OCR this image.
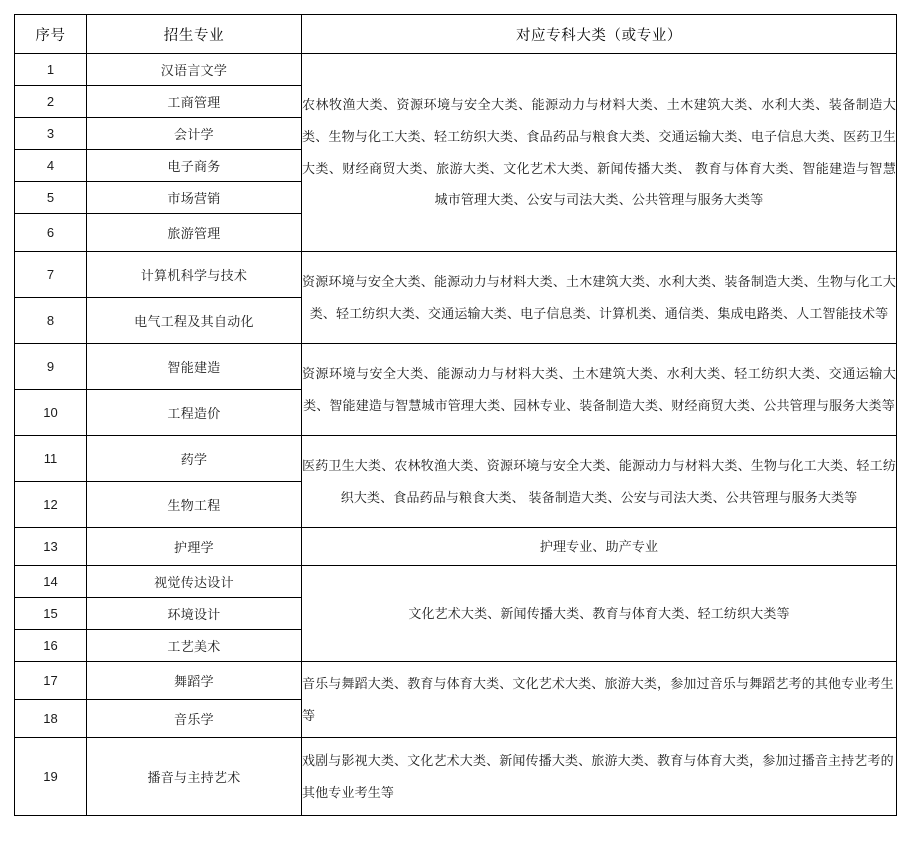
序号	招生专业	对应专科大类（或专业）
1	汉语言文学	农林牧渔大类、资源环境与安全大类、能源动力与材料大类、土木建筑大类、水利大类、装备制造大类、生物与化工大类、轻工纺织大类、食品药品与粮食大类、交通运输大类、电子信息大类、医药卫生大类、财经商贸大类、旅游大类、文化艺术大类、新闻传播大类、 教育与体育大类、智能建造与智慧城市管理大类、公安与司法大类、公共管理与服务大类等

2	工商管理	
3	会计学	
4	电子商务	
5	市场营销	
6	旅游管理	
7	计算机科学与技术	资源环境与安全大类、能源动力与材料大类、土木建筑大类、水利大类、装备制造大类、生物与化工大类、轻工纺织大类、交通运输大类、电子信息类、计算机类、通信类、集成电路类、人工智能技术等

8	电气工程及其自动化	
9	智能建造	资源环境与安全大类、能源动力与材料大类、土木建筑大类、水利大类、轻工纺织大类、交通运输大类、智能建造与智慧城市管理大类、园林专业、装备制造大类、财经商贸大类、公共管理与服务大类等

10	工程造价	
11	药学	医药卫生大类、农林牧渔大类、资源环境与安全大类、能源动力与材料大类、生物与化工大类、轻工纺织大类、食品药品与粮食大类、 装备制造大类、公安与司法大类、公共管理与服务大类等

12	生物工程	
13	护理学	护理专业、助产专业

14	视觉传达设计	文化艺术大类、新闻传播大类、教育与体育大类、轻工纺织大类等

15	环境设计	
16	工艺美术	
17	舞蹈学	音乐与舞蹈大类、教育与体育大类、文化艺术大类、旅游大类，参加过音乐与舞蹈艺考的其他专业考生等

18	音乐学	
19	播音与主持艺术	戏剧与影视大类、文化艺术大类、新闻传播大类、旅游大类、教育与体育大类，参加过播音主持艺考的其他专业考生等
